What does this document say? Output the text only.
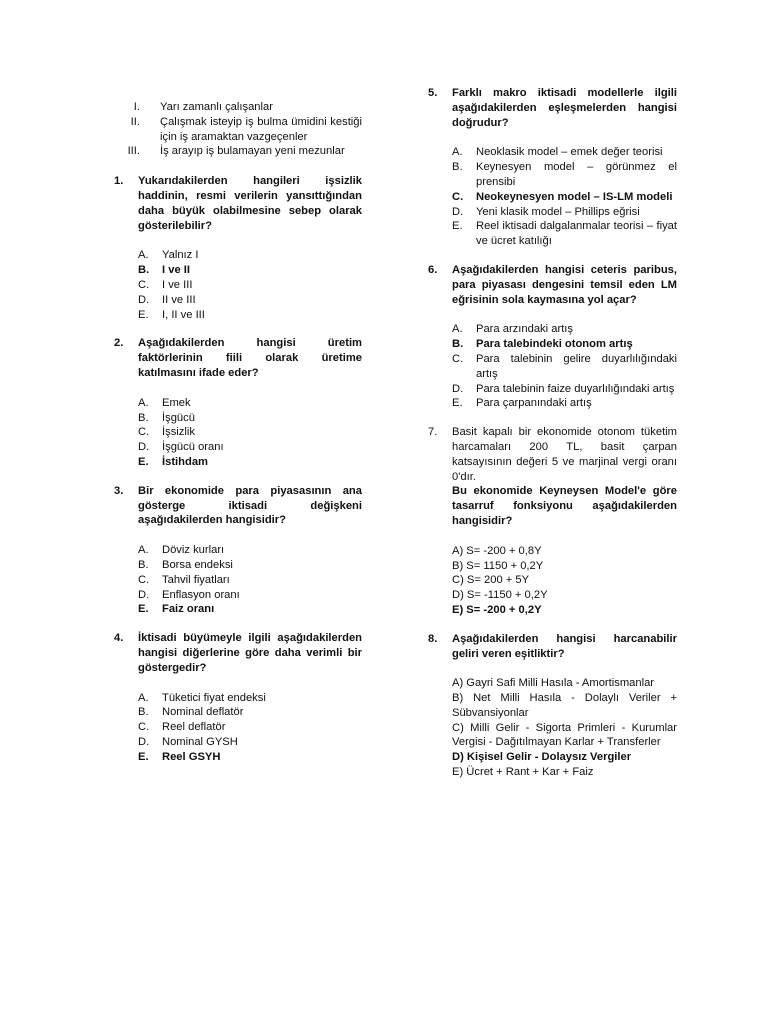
I.	Yarı zamanlı çalışanlar
II.	Çalışmak isteyip iş bulma ümidini kestiği için iş aramaktan vazgeçenler
III.	İş arayıp iş bulamayan yeni mezunlar
1.	Yukarıdakilerden hangileri işsizlik haddinin, resmi verilerin yansıttığından daha büyük olabilmesine sebep olarak gösterilebilir?
A.	Yalnız I
B.	I ve II
C.	I ve III
D.	II ve III
E.	I, II ve III
2.	Aşağıdakilerden hangisi üretim faktörlerinin fiili olarak üretime katılmasını ifade eder?
A.	Emek
B.	İşgücü
C.	İşsizlik
D.	İşgücü oranı
E.	İstihdam
3.	Bir ekonomide para piyasasının ana gösterge iktisadi değişkeni aşağıdakilerden hangisidir?
A.	Döviz kurları
B.	Borsa endeksi
C.	Tahvil fiyatları
D.	Enflasyon oranı
E.	Faiz oranı
4.	İktisadi büyümeyle ilgili aşağıdakilerden hangisi diğerlerine göre daha verimli bir göstergedir?
A.	Tüketici fiyat endeksi
B.	Nominal deflatör
C.	Reel deflatör
D.	Nominal GYSH
E.	Reel GSYH
5.	Farklı makro iktisadi modellerle ilgili aşağıdakilerden eşleşmelerden hangisi doğrudur?
A.	Neoklasik model – emek değer teorisi
B.	Keynesyen model – görünmez el prensibi
C.	Neokeynesyen model – IS-LM modeli
D.	Yeni klasik model – Phillips eğrisi
E.	Reel iktisadi dalgalanmalar teorisi – fiyat ve ücret katılığı
6.	Aşağıdakilerden hangisi ceteris paribus, para piyasası dengesini temsil eden LM eğrisinin sola kaymasına yol açar?
A.	Para arzındaki artış
B.	Para talebindeki otonom artış
C.	Para talebinin gelire duyarlılığındaki artış
D.	Para talebinin faize duyarlılığındaki artış
E.	Para çarpanındaki artış
7.	Basit kapalı bir ekonomide otonom tüketim harcamaları 200 TL, basit çarpan katsayısının değeri 5 ve marjinal vergi oranı 0'dır.
Bu ekonomide Keyneysen Model'e göre tasarruf fonksiyonu aşağıdakilerden hangisidir?
A) S= -200 + 0,8Y
B) S= 1150 + 0,2Y
C) S= 200 + 5Y
D) S= -1150 + 0,2Y
E) S= -200 + 0,2Y
8.	Aşağıdakilerden hangisi harcanabilir geliri veren eşitliktir?
A) Gayri Safi Milli Hasıla - Amortismanlar
B) Net Milli Hasıla - Dolaylı Veriler + Sübvansiyonlar
C) Milli Gelir - Sigorta Primleri - Kurumlar Vergisi - Dağıtılmayan Karlar + Transferler
D) Kişisel Gelir - Dolaysız Vergiler
E) Ücret + Rant + Kar + Faiz
